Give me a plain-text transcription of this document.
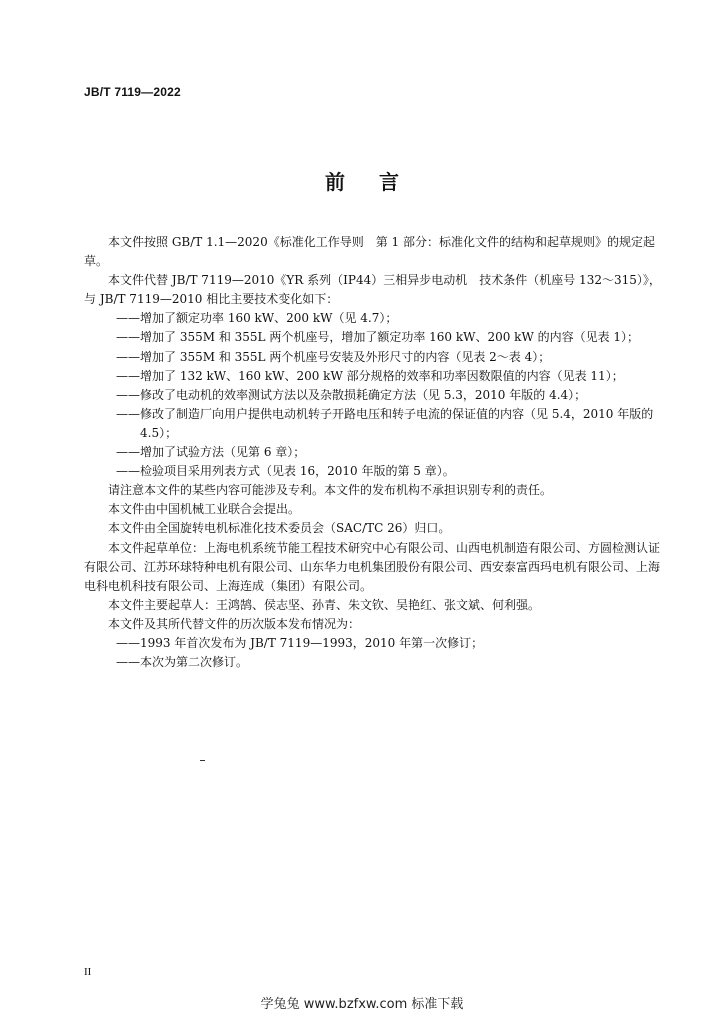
JB/T 7119—2022
前 言

本文件按照 GB/T 1.1—2020《标准化工作导则　第 1 部分：标准化文件的结构和起草规则》的规定起草。

本文件代替 JB/T 7119—2010《YR 系列（IP44）三相异步电动机　技术条件（机座号 132～315）》，与 JB/T 7119—2010 相比主要技术变化如下：

——增加了额定功率 160 kW、200 kW（见 4.7）；

——增加了 355M 和 355L 两个机座号，增加了额定功率 160 kW、200 kW 的内容（见表 1）；

——增加了 355M 和 355L 两个机座号安装及外形尺寸的内容（见表 2～表 4）；

——增加了 132 kW、160 kW、200 kW 部分规格的效率和功率因数限值的内容（见表 11）；

——修改了电动机的效率测试方法以及杂散损耗确定方法（见 5.3，2010 年版的 4.4）；

——修改了制造厂向用户提供电动机转子开路电压和转子电流的保证值的内容（见 5.4，2010 年版的 4.5）；

——增加了试验方法（见第 6 章）；

——检验项目采用列表方式（见表 16，2010 年版的第 5 章）。

请注意本文件的某些内容可能涉及专利。本文件的发布机构不承担识别专利的责任。

本文件由中国机械工业联合会提出。

本文件由全国旋转电机标准化技术委员会（SAC/TC 26）归口。

本文件起草单位：上海电机系统节能工程技术研究中心有限公司、山西电机制造有限公司、方圆检测认证有限公司、江苏环球特种电机有限公司、山东华力电机集团股份有限公司、西安泰富西玛电机有限公司、上海电科电机科技有限公司、上海连成（集团）有限公司。

本文件主要起草人：王鸿鹄、侯志坚、孙青、朱文钦、吴艳红、张文斌、何利强。

本文件及其所代替文件的历次版本发布情况为：

——1993 年首次发布为 JB/T 7119—1993，2010 年第一次修订；

——本次为第二次修订。

II
学兔兔 www.bzfxw.com 标准下载
